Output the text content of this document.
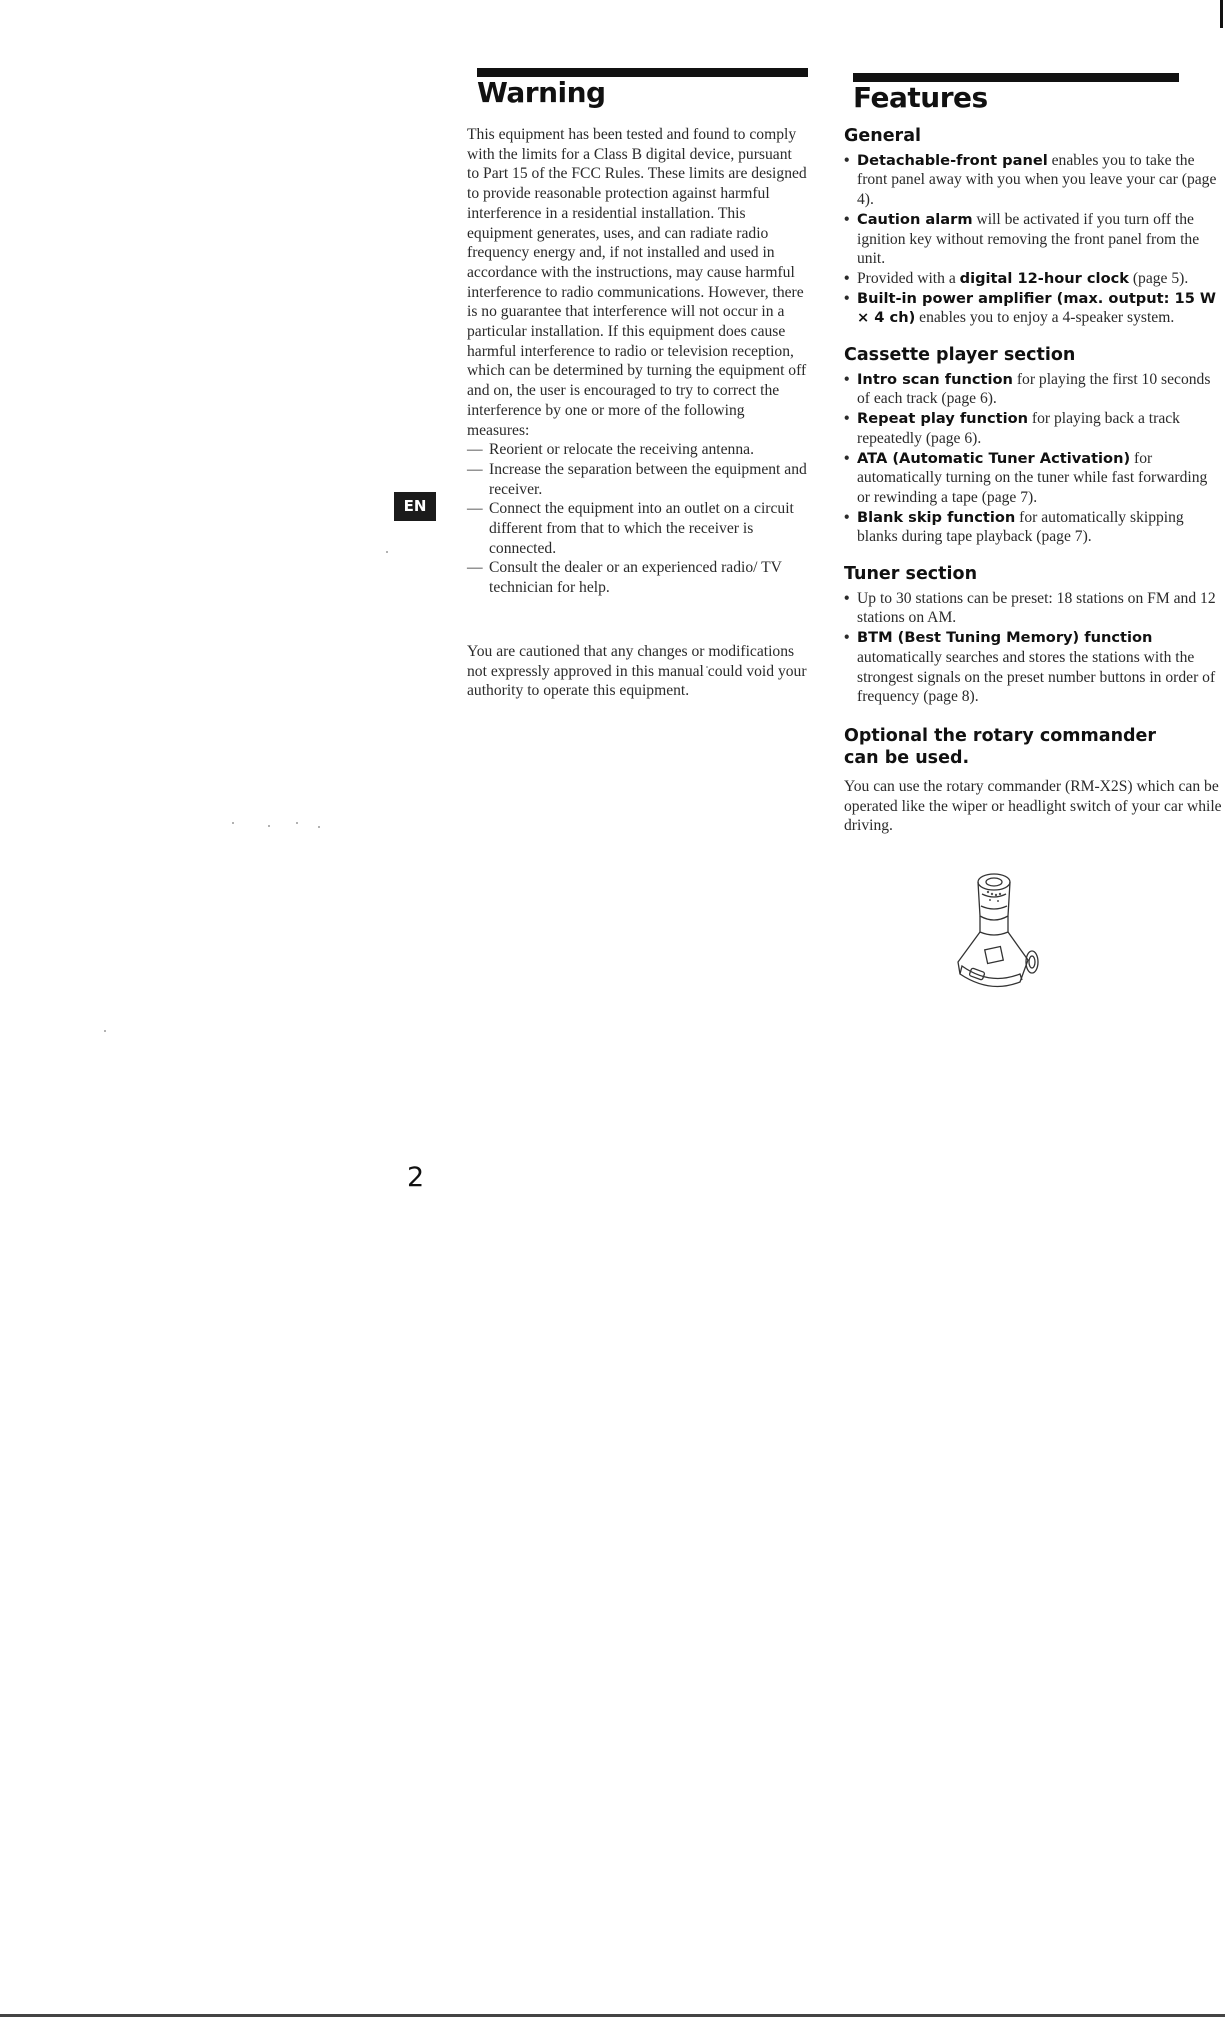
Warning	Features
EN

This equipment has been tested and found to comply with the limits for a Class B digital device, pursuant to Part 15 of the FCC Rules. These limits are designed to provide reasonable protection against harmful interference in a residential installation. This equipment generates, uses, and can radiate radio frequency energy and, if not installed and used in accordance with the instructions, may cause harmful interference to radio communications. However, there is no guarantee that interference will not occur in a particular installation. If this equipment does cause harmful interference to radio or television reception, which can be determined by turning the equipment off and on, the user is encouraged to try to correct the interference by one or more of the following measures:

— Reorient or relocate the receiving antenna.
— Increase the separation between the equipment and receiver.
— Connect the equipment into an outlet on a circuit different from that to which the receiver is connected.
— Consult the dealer or an experienced radio/ TV technician for help.

You are cautioned that any changes or modifications not expressly approved in this manual could void your authority to operate this equipment.

General
• Detachable-front panel enables you to take the front panel away with you when you leave your car (page 4).
• Caution alarm will be activated if you turn off the ignition key without removing the front panel from the unit.
• Provided with a digital 12-hour clock (page 5).
• Built-in power amplifier (max. output: 15 W × 4 ch) enables you to enjoy a 4-speaker system.
Cassette player section
• Intro scan function for playing the first 10 seconds of each track (page 6).
• Repeat play function for playing back a track repeatedly (page 6).
• ATA (Automatic Tuner Activation) for automatically turning on the tuner while fast forwarding or rewinding a tape (page 7).
• Blank skip function for automatically skipping blanks during tape playback (page 7).
Tuner section
• Up to 30 stations can be preset: 18 stations on FM and 12 stations on AM.
• BTM (Best Tuning Memory) function automatically searches and stores the stations with the strongest signals on the preset number buttons in order of frequency (page 8).
Optional the rotary commander can be used.

You can use the rotary commander (RM-X2S) which can be operated like the wiper or headlight switch of your car while driving.

2
